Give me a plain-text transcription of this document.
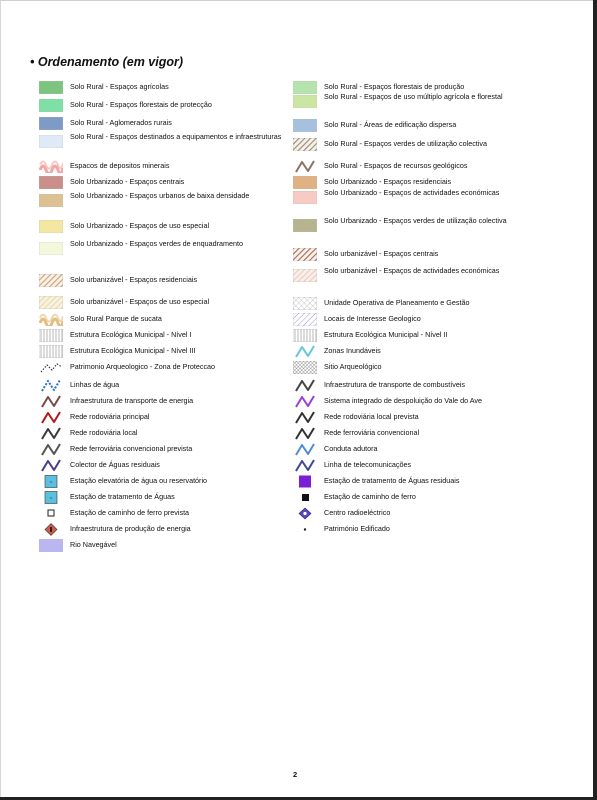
• Ordenamento (em vigor)
Solo Rural - Espaços agrícolas
Solo Rural - Espaços florestais de protecção
Solo Rural - Aglomerados rurais
Solo Rural - Espaços destinados a equipamentos e infraestruturas
Espacos de depositos minerais
Solo Urbanizado - Espaços centrais
Solo Urbanizado - Espaços urbanos de baixa densidade
Solo Urbanizado - Espaços de uso especial
Solo Urbanizado - Espaços verdes de enquadramento
Solo urbanizável - Espaços residenciais
Solo urbanizável - Espaços de uso especial
Solo Rural Parque de sucata
Estrutura Ecológica Municipal - Nível I
Estrutura Ecológica Municipal - Nível III
Patrimonio Arqueologico - Zona de Proteccao
Linhas de água
Infraestrutura de transporte de energia
Rede rodoviária principal
Rede rodoviária local
Rede ferroviária convencional prevista
Colector de Águas residuais
~ Estação elevatória de água ou reservatório
~ Estação de tratamento de Águas
Estação de caminho de ferro prevista
Infraestrutura de produção de energia
Rio Navegável
Solo Rural - Espaços florestais de produção
Solo Rural - Espaços de uso múltiplo agrícola e florestal
Solo Rural - Áreas de edificação dispersa
Solo Rural - Espaços verdes de utilização colectiva
Solo Rural - Espaços de recursos geológicos
Solo Urbanizado - Espaços residenciais
Solo Urbanizado - Espaços de actividades económicas
Solo Urbanizado - Espaços verdes de utilização colectiva
Solo urbanizável - Espaços centrais
Solo urbanizável - Espaços de actividades económicas
Unidade Operativa de Planeamento e Gestão
Locais de Interesse Geologico
Estrutura Ecológica Municipal - Nível II
Zonas Inundáveis
Sitio Arqueológico
Infraestrutura de transporte de combustíveis
Sistema integrado de despoluição do Vale do Ave
Rede rodoviária local prevista
Rede ferroviária convencional
Conduta adutora
Linha de telecomunicações
Estação de tratamento de Águas residuais
Estação de caminho de ferro
Centro radioeléctrico
Património Edificado
2
